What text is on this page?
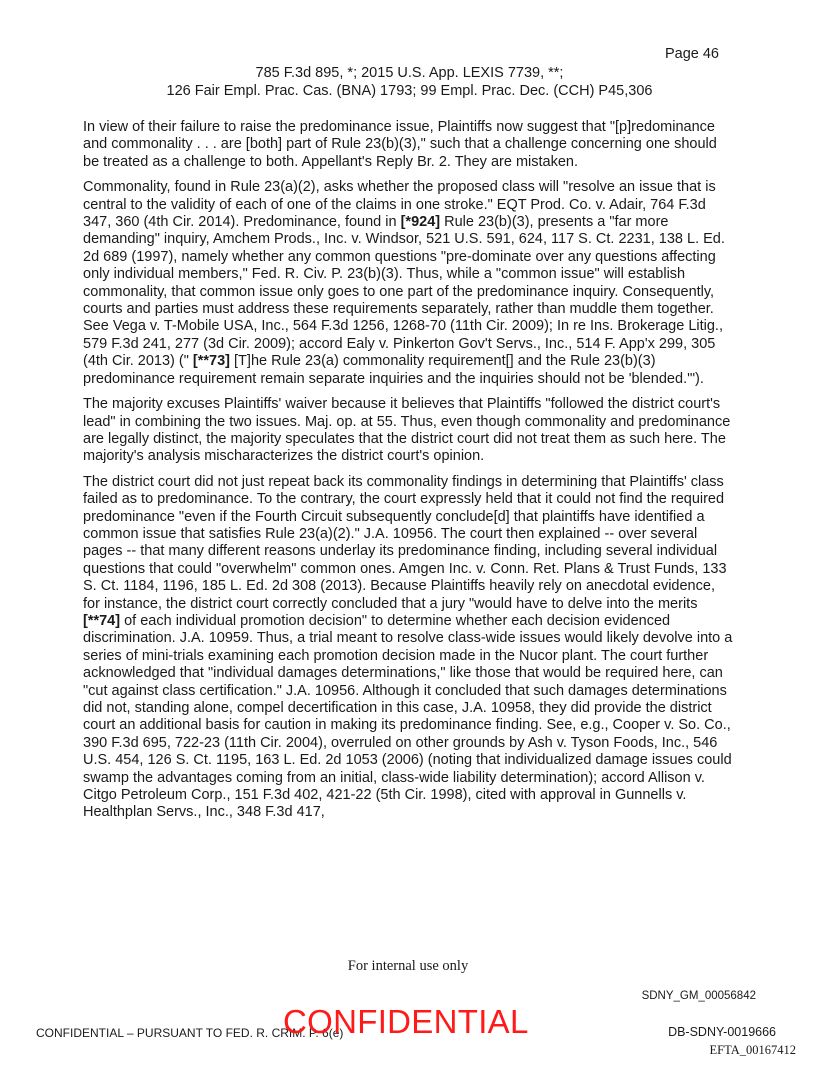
Page 46
785 F.3d 895, *; 2015 U.S. App. LEXIS 7739, **;
126 Fair Empl. Prac. Cas. (BNA) 1793; 99 Empl. Prac. Dec. (CCH) P45,306

In view of their failure to raise the predominance issue, Plaintiffs now suggest that "[p]redominance and commonality . . . are [both] part of Rule 23(b)(3)," such that a challenge concerning one should be treated as a challenge to both. Appellant's Reply Br. 2. They are mistaken.

Commonality, found in Rule 23(a)(2), asks whether the proposed class will "resolve an issue that is central to the validity of each of one of the claims in one stroke." EQT Prod. Co. v. Adair, 764 F.3d 347, 360 (4th Cir. 2014). Predominance, found in [*924] Rule 23(b)(3), presents a "far more demanding" inquiry, Amchem Prods., Inc. v. Windsor, 521 U.S. 591, 624, 117 S. Ct. 2231, 138 L. Ed. 2d 689 (1997), namely whether any common questions "pre-dominate over any questions affecting only individual members," Fed. R. Civ. P. 23(b)(3). Thus, while a "common issue" will establish commonality, that common issue only goes to one part of the predominance inquiry. Consequently, courts and parties must address these requirements separately, rather than muddle them together. See Vega v. T-Mobile USA, Inc., 564 F.3d 1256, 1268-70 (11th Cir. 2009); In re Ins. Brokerage Litig., 579 F.3d 241, 277 (3d Cir. 2009); accord Ealy v. Pinkerton Gov't Servs., Inc., 514 F. App'x 299, 305 (4th Cir. 2013) (" [**73] [T]he Rule 23(a) commonality requirement[] and the Rule 23(b)(3) predominance requirement remain separate inquiries and the inquiries should not be 'blended.'").

The majority excuses Plaintiffs' waiver because it believes that Plaintiffs "followed the district court's lead" in combining the two issues. Maj. op. at 55. Thus, even though commonality and predominance are legally distinct, the majority speculates that the district court did not treat them as such here. The majority's analysis mischaracterizes the district court's opinion.

The district court did not just repeat back its commonality findings in determining that Plaintiffs' class failed as to predominance. To the contrary, the court expressly held that it could not find the required predominance "even if the Fourth Circuit subsequently conclude[d] that plaintiffs have identified a common issue that satisfies Rule 23(a)(2)." J.A. 10956. The court then explained -- over several pages -- that many different reasons underlay its predominance finding, including several individual questions that could "overwhelm" common ones. Amgen Inc. v. Conn. Ret. Plans & Trust Funds, 133 S. Ct. 1184, 1196, 185 L. Ed. 2d 308 (2013). Because Plaintiffs heavily rely on anecdotal evidence, for instance, the district court correctly concluded that a jury "would have to delve into the merits [**74] of each individual promotion decision" to determine whether each decision evidenced discrimination. J.A. 10959. Thus, a trial meant to resolve class-wide issues would likely devolve into a series of mini-trials examining each promotion decision made in the Nucor plant. The court further acknowledged that "individual damages determinations," like those that would be required here, can "cut against class certification." J.A. 10956. Although it concluded that such damages determinations did not, standing alone, compel decertification in this case, J.A. 10958, they did provide the district court an additional basis for caution in making its predominance finding. See, e.g., Cooper v. So. Co., 390 F.3d 695, 722-23 (11th Cir. 2004), overruled on other grounds by Ash v. Tyson Foods, Inc., 546 U.S. 454, 126 S. Ct. 1195, 163 L. Ed. 2d 1053 (2006) (noting that individualized damage issues could swamp the advantages coming from an initial, class-wide liability determination); accord Allison v. Citgo Petroleum Corp., 151 F.3d 402, 421-22 (5th Cir. 1998), cited with approval in Gunnells v. Healthplan Servs., Inc., 348 F.3d 417,

For internal use only
SDNY_GM_00056842
CONFIDENTIAL – PURSUANT TO FED. R. CRIM. P. 6(e)
CONFIDENTIAL	DB-SDNY-0019666
EFTA_00167412
